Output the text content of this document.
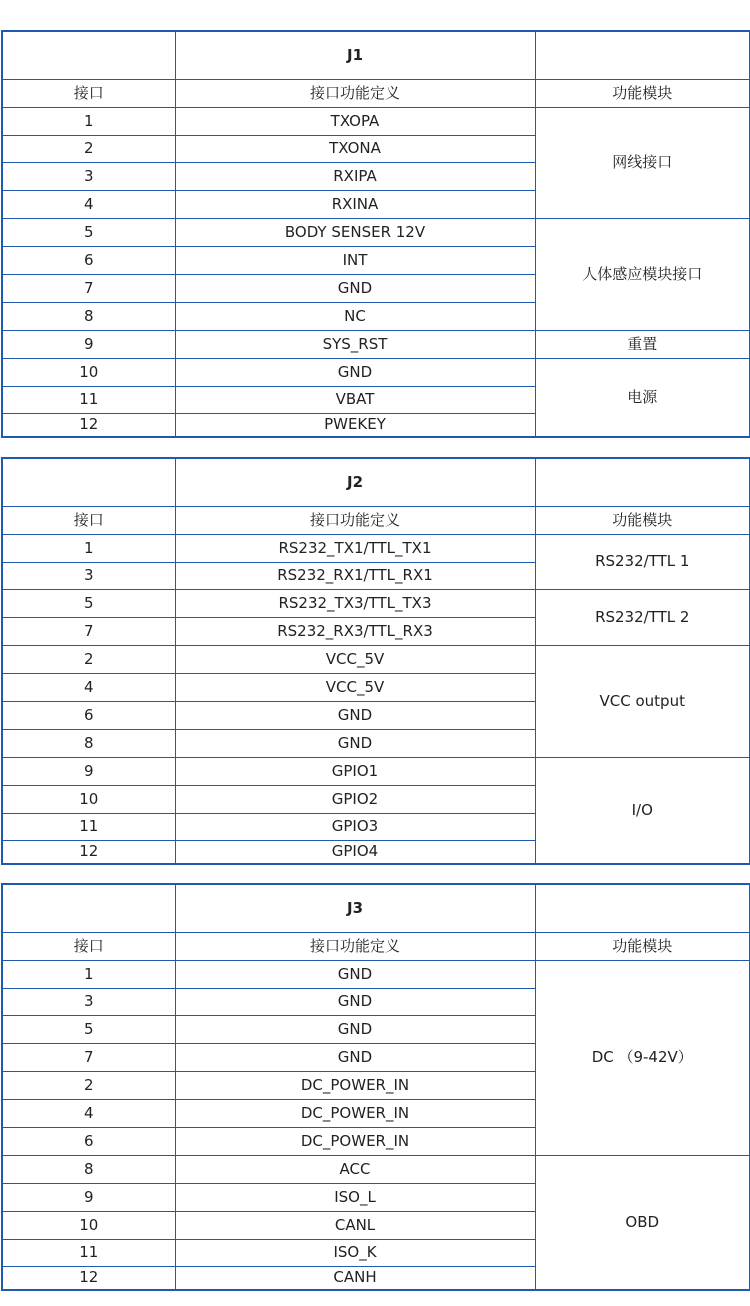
	J1	
接口	接口功能定义	功能模块
1	TXOPA	网线接口
2	TXONA	
3	RXIPA	
4	RXINA	
5	BODY SENSER 12V	人体感应模块接口
6	INT	
7	GND	
8	NC	
9	SYS_RST	重置
10	GND	电源
11	VBAT	
12	PWEKEY	
	J2	
接口	接口功能定义	功能模块
1	RS232_TX1/TTL_TX1	RS232/TTL 1
3	RS232_RX1/TTL_RX1	
5	RS232_TX3/TTL_TX3	RS232/TTL 2
7	RS232_RX3/TTL_RX3	
2	VCC_5V	VCC output
4	VCC_5V	
6	GND	
8	GND	
9	GPIO1	I/O
10	GPIO2	
11	GPIO3	
12	GPIO4	
	J3	
接口	接口功能定义	功能模块
1	GND	DC （9-42V）
3	GND	
5	GND	
7	GND	
2	DC_POWER_IN	
4	DC_POWER_IN	
6	DC_POWER_IN	
8	ACC	OBD
9	ISO_L	
10	CANL	
11	ISO_K	
12	CANH	
